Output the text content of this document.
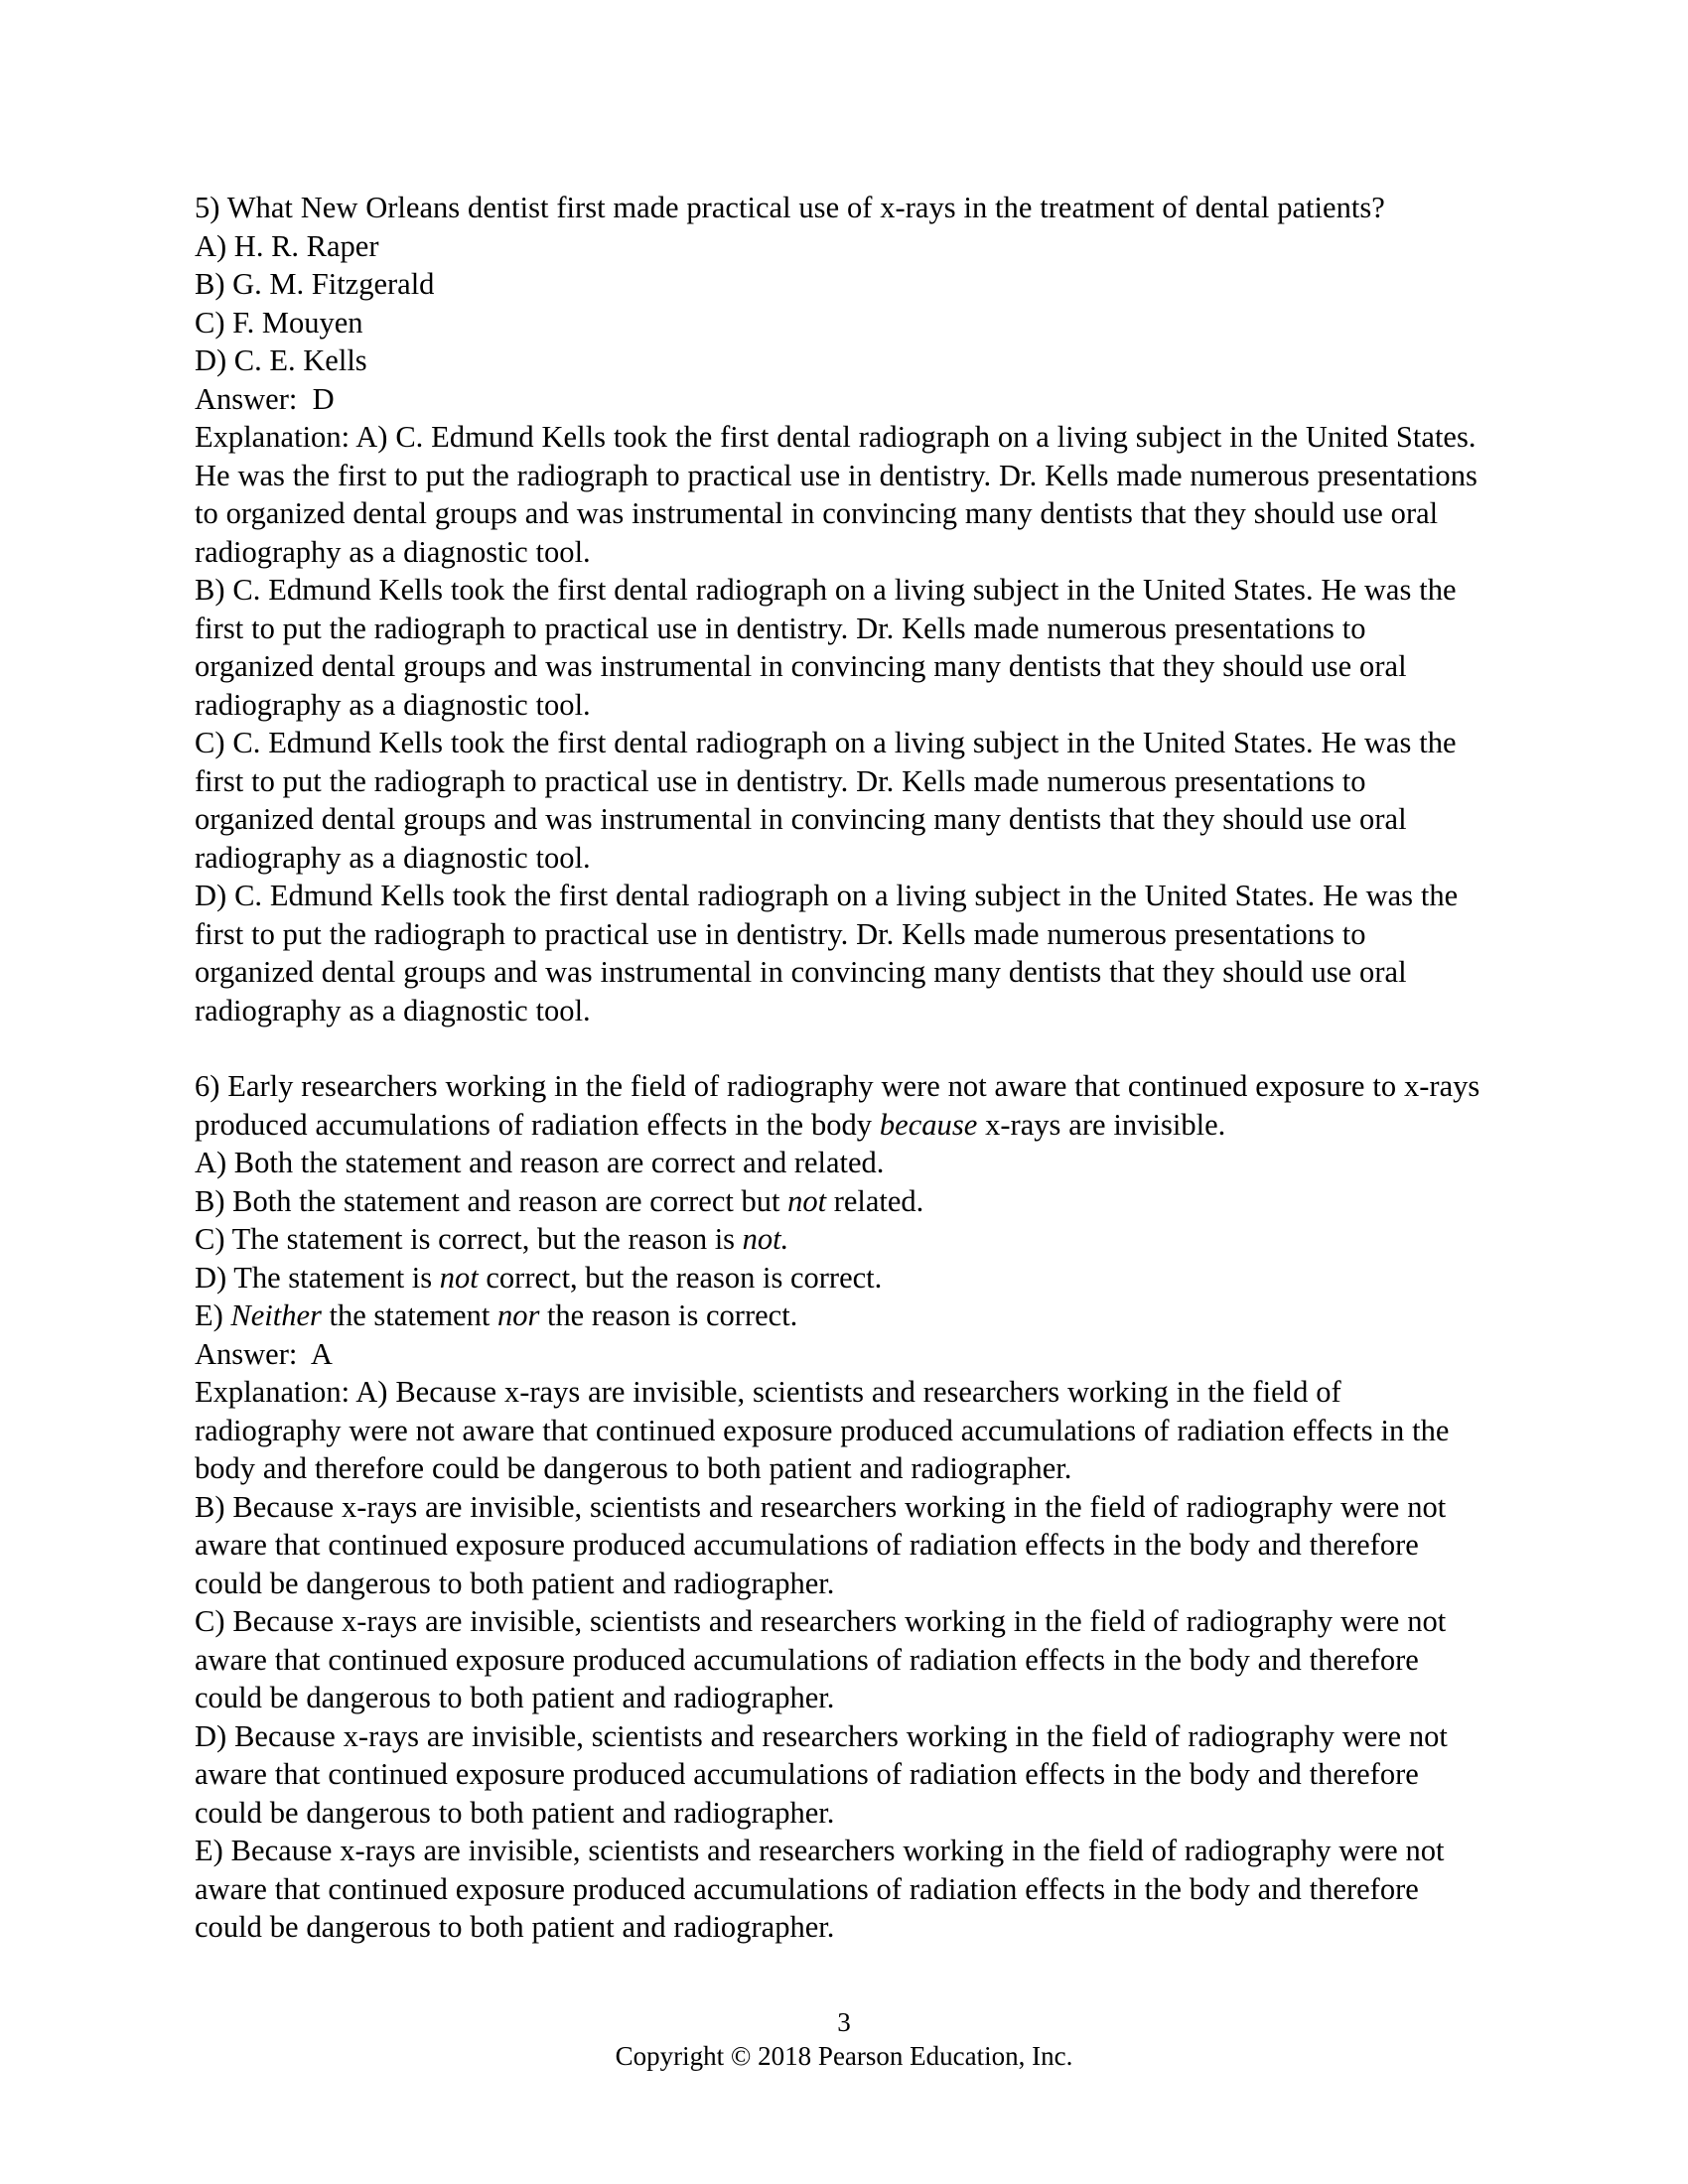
5) What New Orleans dentist first made practical use of x-rays in the treatment of dental patients?

A) H. R. Raper

B) G. M. Fitzgerald

C) F. Mouyen

D) C. E. Kells

Answer:  D

Explanation: A) C. Edmund Kells took the first dental radiograph on a living subject in the United States. He was the first to put the radiograph to practical use in dentistry. Dr. Kells made numerous presentations to organized dental groups and was instrumental in convincing many dentists that they should use oral radiography as a diagnostic tool.

B) C. Edmund Kells took the first dental radiograph on a living subject in the United States. He was the first to put the radiograph to practical use in dentistry. Dr. Kells made numerous presentations to organized dental groups and was instrumental in convincing many dentists that they should use oral radiography as a diagnostic tool.

C) C. Edmund Kells took the first dental radiograph on a living subject in the United States. He was the first to put the radiograph to practical use in dentistry. Dr. Kells made numerous presentations to organized dental groups and was instrumental in convincing many dentists that they should use oral radiography as a diagnostic tool.

D) C. Edmund Kells took the first dental radiograph on a living subject in the United States. He was the first to put the radiograph to practical use in dentistry. Dr. Kells made numerous presentations to organized dental groups and was instrumental in convincing many dentists that they should use oral radiography as a diagnostic tool.

6) Early researchers working in the field of radiography were not aware that continued exposure to x-rays produced accumulations of radiation effects in the body because x-rays are invisible.

A) Both the statement and reason are correct and related.

B) Both the statement and reason are correct but not related.

C) The statement is correct, but the reason is not.

D) The statement is not correct, but the reason is correct.

E) Neither the statement nor the reason is correct.

Answer:  A

Explanation: A) Because x-rays are invisible, scientists and researchers working in the field of radiography were not aware that continued exposure produced accumulations of radiation effects in the body and therefore could be dangerous to both patient and radiographer.

B) Because x-rays are invisible, scientists and researchers working in the field of radiography were not aware that continued exposure produced accumulations of radiation effects in the body and therefore could be dangerous to both patient and radiographer.

C) Because x-rays are invisible, scientists and researchers working in the field of radiography were not aware that continued exposure produced accumulations of radiation effects in the body and therefore could be dangerous to both patient and radiographer.

D) Because x-rays are invisible, scientists and researchers working in the field of radiography were not aware that continued exposure produced accumulations of radiation effects in the body and therefore could be dangerous to both patient and radiographer.

E) Because x-rays are invisible, scientists and researchers working in the field of radiography were not aware that continued exposure produced accumulations of radiation effects in the body and therefore could be dangerous to both patient and radiographer.

3
Copyright © 2018 Pearson Education, Inc.
